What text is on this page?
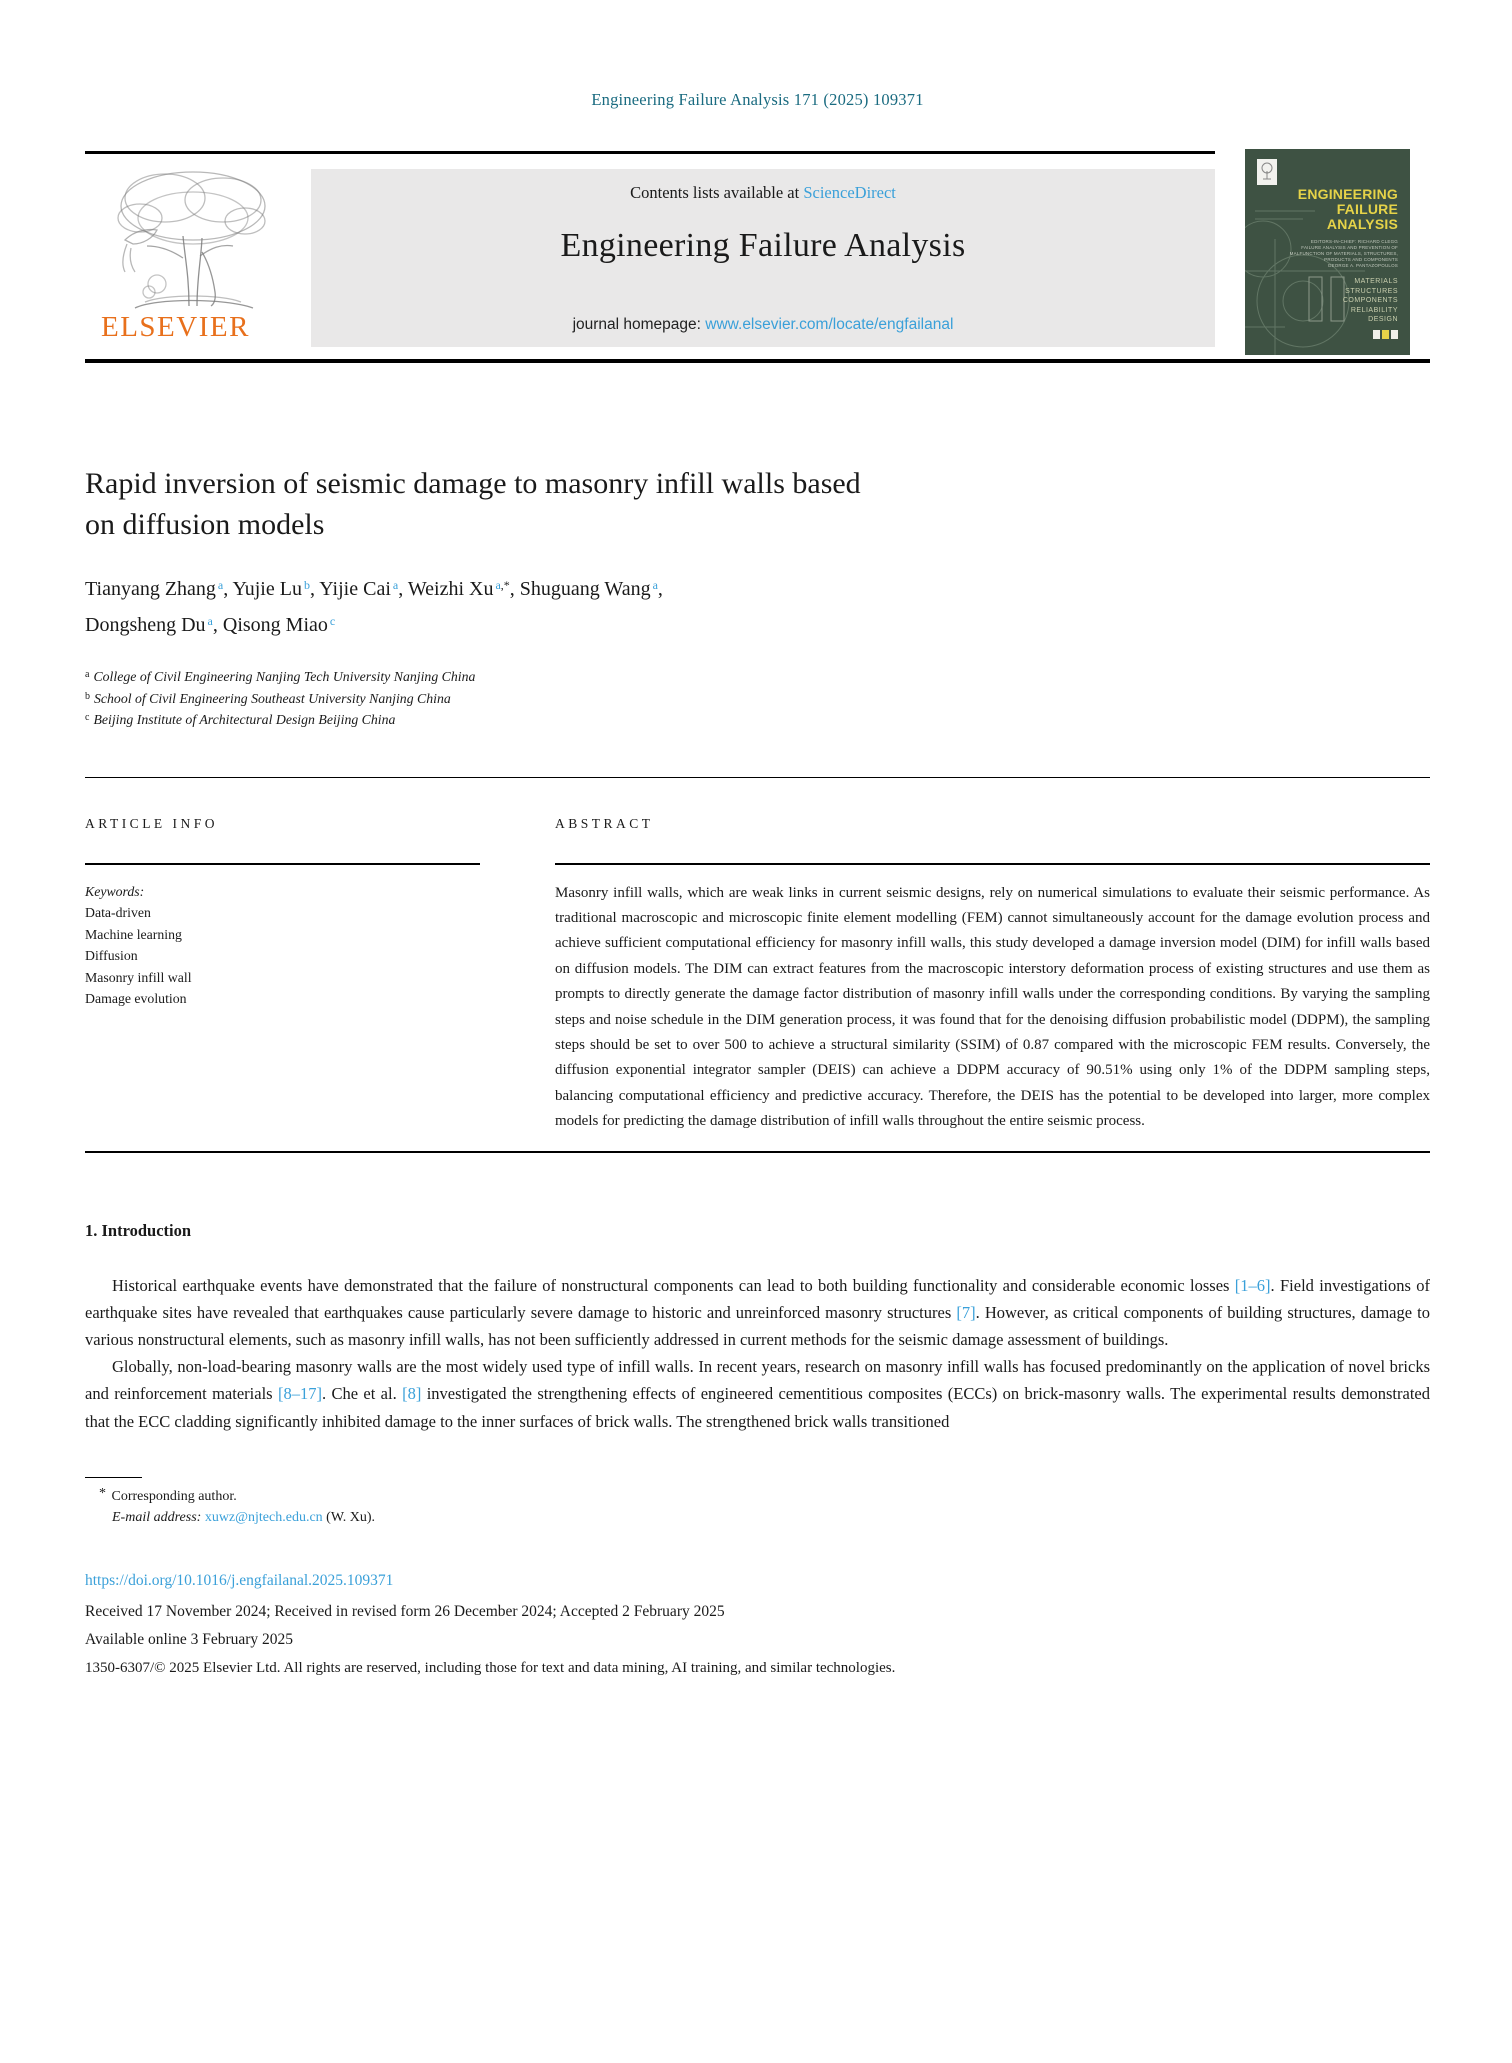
Engineering Failure Analysis 171 (2025) 109371
ELSEVIER
Contents lists available at ScienceDirect
Engineering Failure Analysis
journal homepage: www.elsevier.com/locate/engfailanal
ENGINEERING
FAILURE
ANALYSIS
EDITORS-IN-CHIEF: RICHARD CLEGG
FAILURE ANALYSIS AND PREVENTION OF
MALFUNCTION OF MATERIALS, STRUCTURES,
PRODUCTS AND COMPONENTS
GEORGE A. PANTAZOPOULOS
MATERIALS
STRUCTURES
COMPONENTS
RELIABILITY
DESIGN
Rapid inversion of seismic damage to masonry infill walls based
on diffusion models
Tianyang Zhang $^a$, Yujie Lu $^b$, Yijie Cai $^a$, Weizhi Xu $^{a,*}$, Shuguang Wang $^a$,
Dongsheng Du $^a$, Qisong Miao $^c$
$^a$ College of Civil Engineering Nanjing Tech University Nanjing China
$^b$ School of Civil Engineering Southeast University Nanjing China
$^c$ Beijing Institute of Architectural Design Beijing China
ARTICLE INFO
Keywords:
Data-driven
Machine learning
Diffusion
Masonry infill wall
Damage evolution
ABSTRACT
Masonry infill walls, which are weak links in current seismic designs, rely on numerical simulations to evaluate their seismic performance. As traditional macroscopic and microscopic finite element modelling (FEM) cannot simultaneously account for the damage evolution process and achieve sufficient computational efficiency for masonry infill walls, this study developed a damage inversion model (DIM) for infill walls based on diffusion models. The DIM can extract features from the macroscopic interstory deformation process of existing structures and use them as prompts to directly generate the damage factor distribution of masonry infill walls under the corresponding conditions. By varying the sampling steps and noise schedule in the DIM generation process, it was found that for the denoising diffusion probabilistic model (DDPM), the sampling steps should be set to over 500 to achieve a structural similarity (SSIM) of 0.87 compared with the microscopic FEM results. Conversely, the diffusion exponential integrator sampler (DEIS) can achieve a DDPM accuracy of 90.51% using only 1% of the DDPM sampling steps, balancing computational efficiency and predictive accuracy. Therefore, the DEIS has the potential to be developed into larger, more complex models for predicting the damage distribution of infill walls throughout the entire seismic process.
1. Introduction

Historical earthquake events have demonstrated that the failure of nonstructural components can lead to both building functionality and considerable economic losses [1–6]. Field investigations of earthquake sites have revealed that earthquakes cause particularly severe damage to historic and unreinforced masonry structures [7]. However, as critical components of building structures, damage to various nonstructural elements, such as masonry infill walls, has not been sufficiently addressed in current methods for the seismic damage assessment of buildings.

Globally, non-load-bearing masonry walls are the most widely used type of infill walls. In recent years, research on masonry infill walls has focused predominantly on the application of novel bricks and reinforcement materials [8–17]. Che et al. [8] investigated the strengthening effects of engineered cementitious composites (ECCs) on brick-masonry walls. The experimental results demonstrated that the ECC cladding significantly inhibited damage to the inner surfaces of brick walls. The strengthened brick walls transitioned

* Corresponding author.
E-mail address: xuwz@njtech.edu.cn (W. Xu).
https://doi.org/10.1016/j.engfailanal.2025.109371
Received 17 November 2024; Received in revised form 26 December 2024; Accepted 2 February 2025
Available online 3 February 2025
1350-6307/© 2025 Elsevier Ltd. All rights are reserved, including those for text and data mining, AI training, and similar technologies.
